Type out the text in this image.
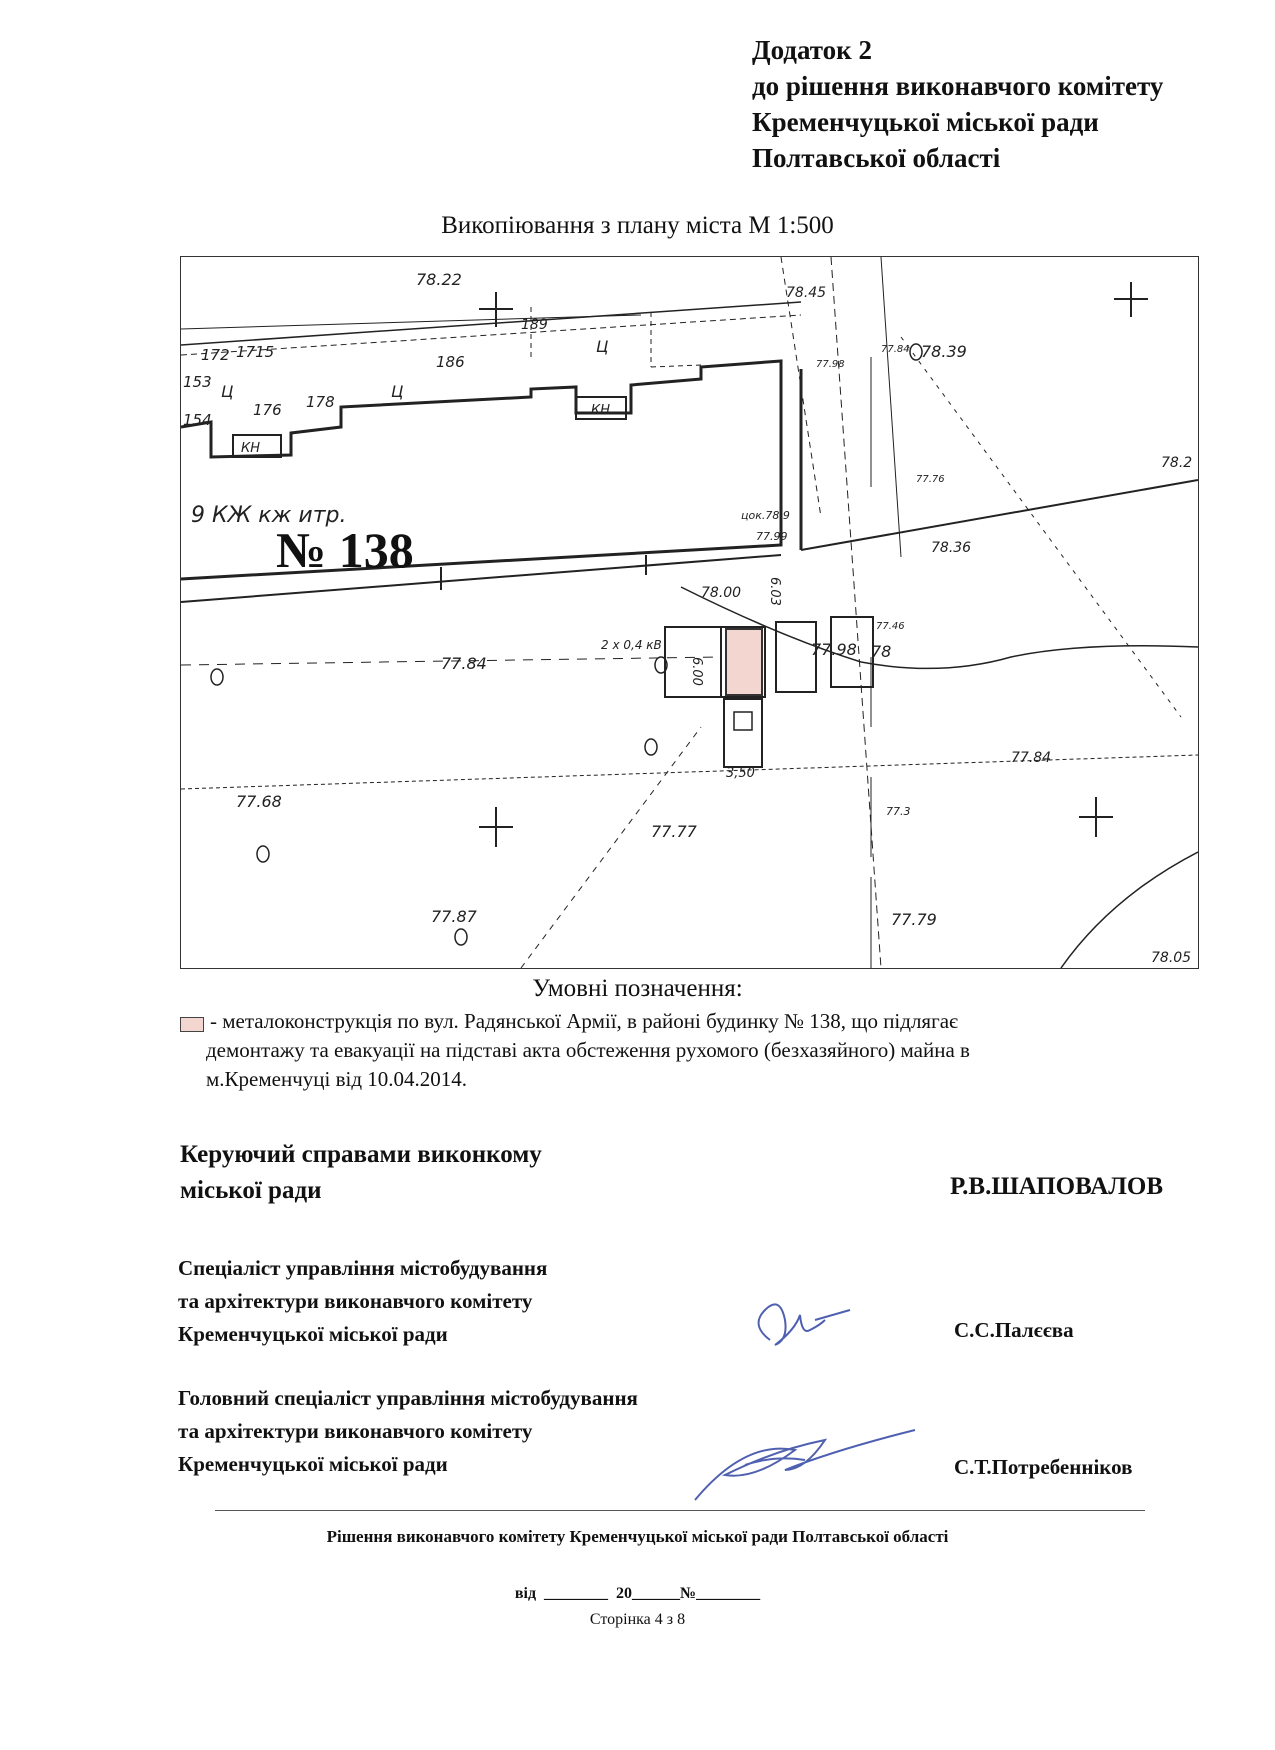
Додаток 2
до рішення виконавчого комітету
Кременчуцької міської ради
Полтавської області
Викопіювання з плану міста М 1:500
78.22
189
78.45
78.39
77.84
77.98
77.76
78.2
78.36
цок.78.9
77.99
78.00 6.03
6.00
3,50
77.46
77.98 78
77.84
77.84
77.68
77.77
77.87
77.3
77.79
78.05
172 1715
176 178
186
153
154
КН
КН
Ц
Ц
Ц
9 КЖ кж итр.
№ 138
2 х 0,4 кВ
Умовні позначення:
- металоконструкція по вул. Радянської Армії, в районі будинку № 138, що підлягає
демонтажу та евакуації на підставі акта обстеження рухомого (безхазяйного) майна в
м.Кременчуці від 10.04.2014.
Керуючий справами виконкому
міської ради	Р.В.ШАПОВАЛОВ
Спеціаліст управління містобудування
та архітектури виконавчого комітету
Кременчуцької міської ради	С.С.Палєєва
Головний спеціаліст управління містобудування
та архітектури виконавчого комітету
Кременчуцької міської ради	С.Т.Потребенніков
Рішення виконавчого комітету Кременчуцької міської ради Полтавської області
від  ________  20______№________
Сторінка 4 з 8
